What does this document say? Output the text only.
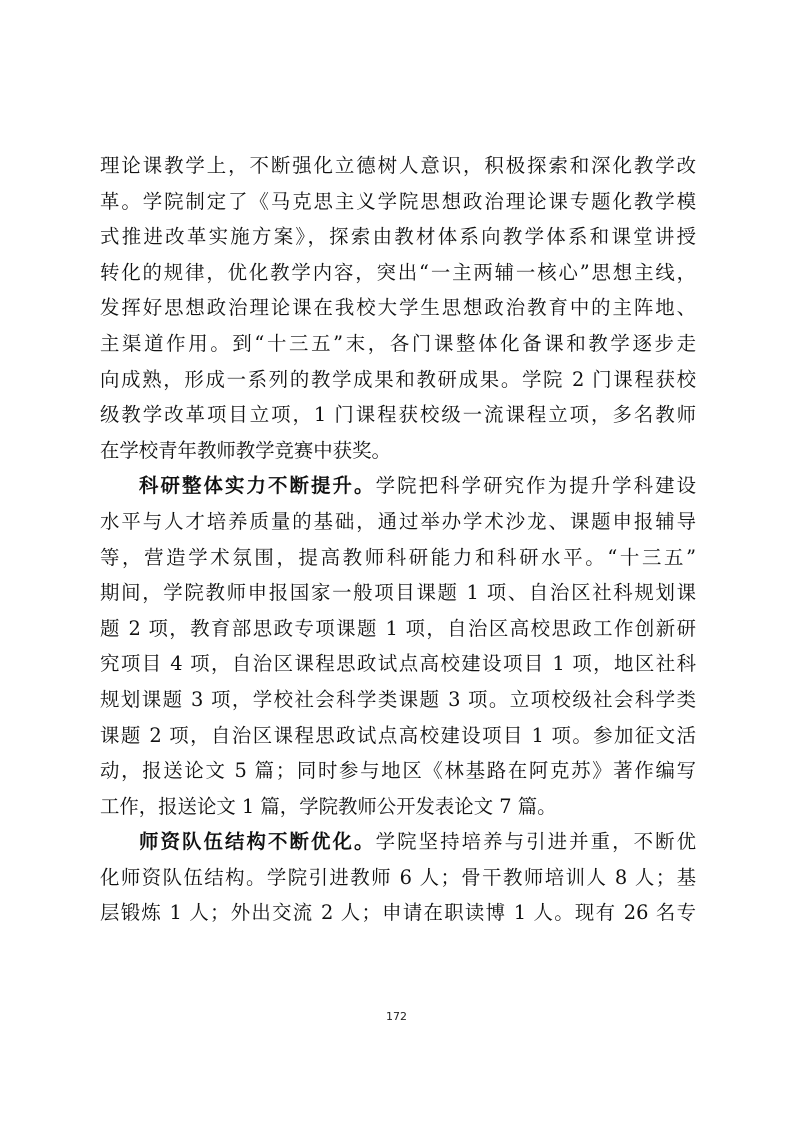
理论课教学上，不断强化立德树人意识，积极探索和深化教学改
革。学院制定了《马克思主义学院思想政治理论课专题化教学模
式推进改革实施方案》，探索由教材体系向教学体系和课堂讲授
转化的规律，优化教学内容，突出“一主两辅一核心”思想主线，
发挥好思想政治理论课在我校大学生思想政治教育中的主阵地、
主渠道作用。到“十三五”末，各门课整体化备课和教学逐步走
向成熟，形成一系列的教学成果和教研成果。学院 2 门课程获校
级教学改革项目立项，1 门课程获校级一流课程立项，多名教师
在学校青年教师教学竞赛中获奖。
科研整体实力不断提升。学院把科学研究作为提升学科建设
水平与人才培养质量的基础，通过举办学术沙龙、课题申报辅导
等，营造学术氛围，提高教师科研能力和科研水平。“十三五”
期间，学院教师申报国家一般项目课题 1 项、自治区社科规划课
题 2 项，教育部思政专项课题 1 项，自治区高校思政工作创新研
究项目 4 项，自治区课程思政试点高校建设项目 1 项，地区社科
规划课题 3 项，学校社会科学类课题 3 项。立项校级社会科学类
课题 2 项，自治区课程思政试点高校建设项目 1 项。参加征文活
动，报送论文 5 篇；同时参与地区《林基路在阿克苏》著作编写
工作，报送论文 1 篇，学院教师公开发表论文 7 篇。
师资队伍结构不断优化。学院坚持培养与引进并重，不断优
化师资队伍结构。学院引进教师 6 人；骨干教师培训人 8 人；基
层锻炼 1 人；外出交流 2 人；申请在职读博 1 人。现有 26 名专
172
